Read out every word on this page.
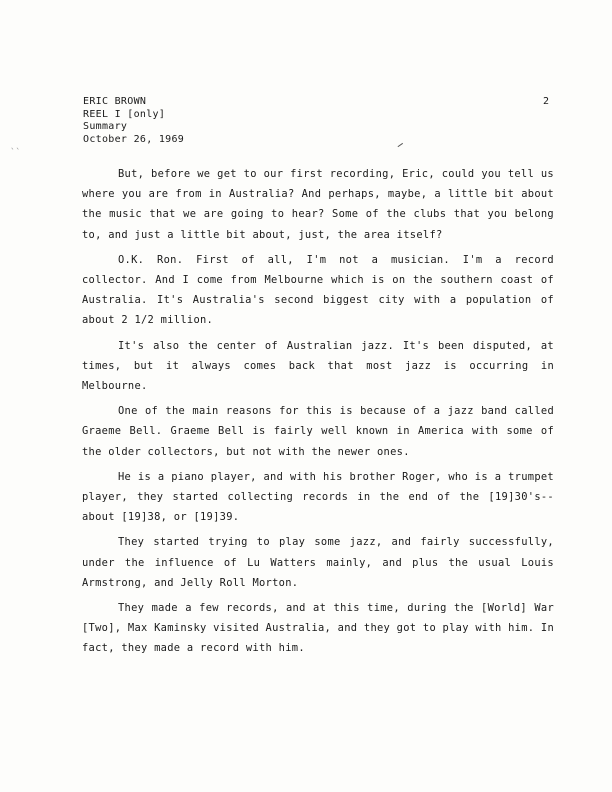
``
ERIC BROWN
REEL I [only]
Summary
October 26, 1969
2

But, before we get to our first recording, Eric, could you tell us where you are from in Australia? And perhaps, maybe, a little bit about the music that we are going to hear? Some of the clubs that you belong to, and just a little bit about, just, the area itself?

O.K. Ron. First of all, I'm not a musician. I'm a record collector. And I come from Melbourne which is on the southern coast of Australia. It's Australia's second biggest city with a population of about 2 1/2 million.

It's also the center of Australian jazz. It's been disputed, at times, but it always comes back that most jazz is occurring in Melbourne.

One of the main reasons for this is because of a jazz band called Graeme Bell. Graeme Bell is fairly well known in America with some of the older collectors, but not with the newer ones.

He is a piano player, and with his brother Roger, who is a trumpet player, they started collecting records in the end of the [19]30's--about [19]38, or [19]39.

They started trying to play some jazz, and fairly successfully, under the influence of Lu Watters mainly, and plus the usual Louis Armstrong, and Jelly Roll Morton.

They made a few records, and at this time, during the [World] War [Two], Max Kaminsky visited Australia, and they got to play with him. In fact, they made a record with him.
